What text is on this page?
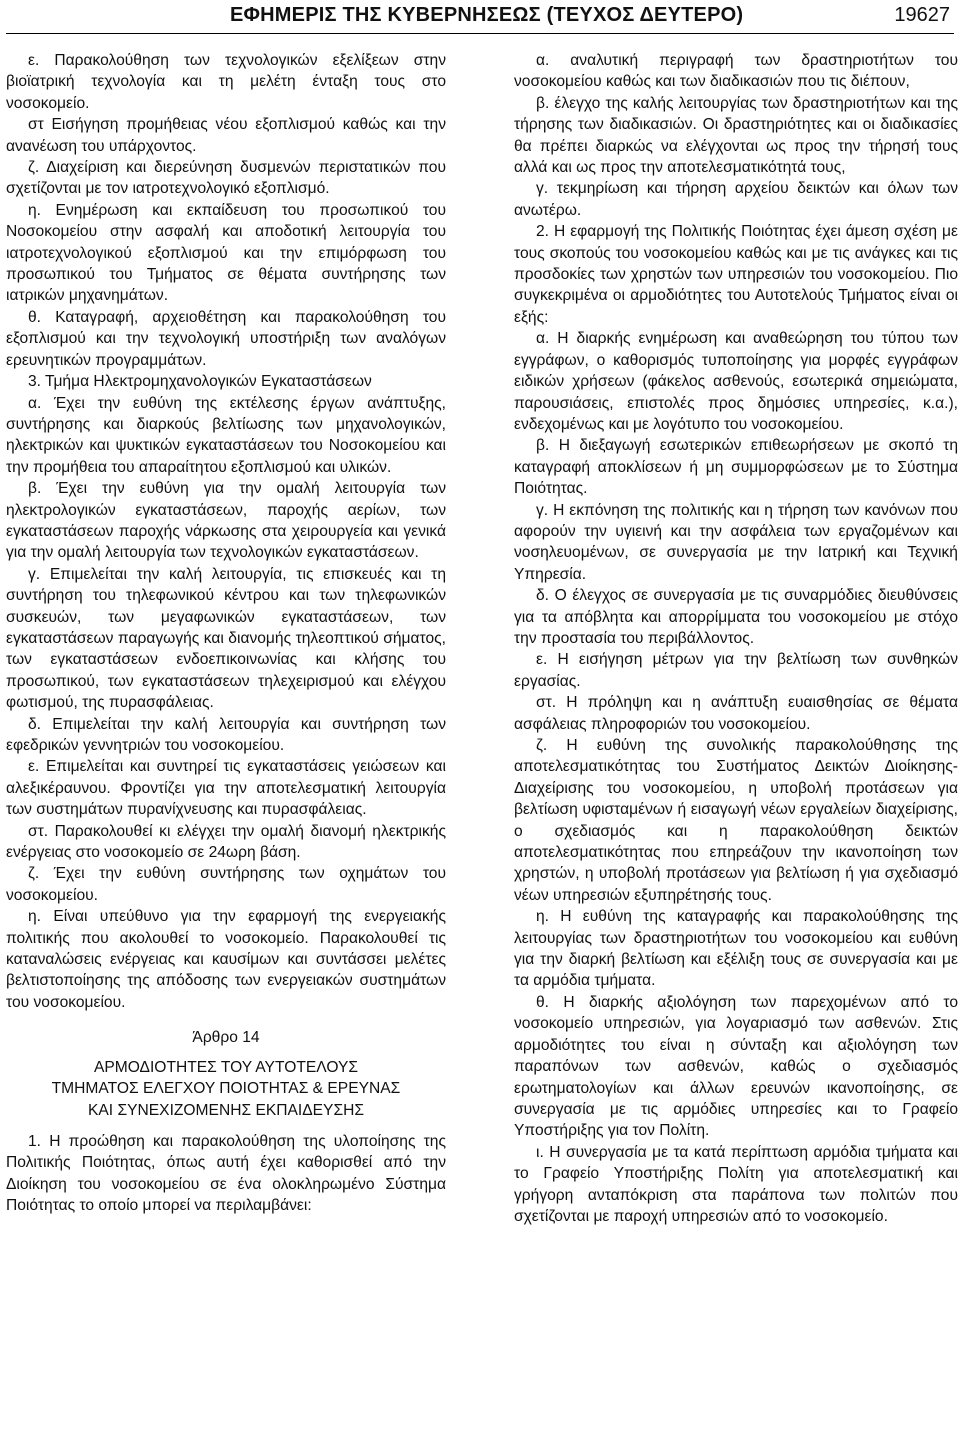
ΕΦΗΜΕΡΙΣ ΤΗΣ ΚΥΒΕΡΝΗΣΕΩΣ (ΤΕΥΧΟΣ ΔΕΥΤΕΡΟ)	19627

ε. Παρακολούθηση των τεχνολογικών εξελίξεων στην βιοϊατρική τεχνολογία και τη μελέτη ένταξη τους στο νοσοκομείο.

στ Εισήγηση προμήθειας νέου εξοπλισμού καθώς και την ανανέωση του υπάρχοντος.

ζ. Διαχείριση και διερεύνηση δυσμενών περιστατικών που σχετίζονται με τον ιατροτεχνολογικό εξοπλισμό.

η. Ενημέρωση και εκπαίδευση του προσωπικού του Νοσοκομείου στην ασφαλή και αποδοτική λειτουργία του ιατροτεχνολογικού εξοπλισμού και την επιμόρφωση του προσωπικού του Τμήματος σε θέματα συντήρησης των ιατρικών μηχανημάτων.

θ. Καταγραφή, αρχειοθέτηση και παρακολούθηση του εξοπλισμού και την τεχνολογική υποστήριξη των αναλόγων ερευνητικών προγραμμάτων.

3. Τμήμα Ηλεκτρομηχανολογικών Εγκαταστάσεων

α. Έχει την ευθύνη της εκτέλεσης έργων ανάπτυξης, συντήρησης και διαρκούς βελτίωσης των μηχανολογικών, ηλεκτρικών και ψυκτικών εγκαταστάσεων του Νοσοκομείου και την προμήθεια του απαραίτητου εξοπλισμού και υλικών.

β. Έχει την ευθύνη για την ομαλή λειτουργία των ηλεκτρολογικών εγκαταστάσεων, παροχής αερίων, των εγκαταστάσεων παροχής νάρκωσης στα χειρουργεία και γενικά για την ομαλή λειτουργία των τεχνολογικών εγκαταστάσεων.

γ. Επιμελείται την καλή λειτουργία, τις επισκευές και τη συντήρηση του τηλεφωνικού κέντρου και των τηλεφωνικών συσκευών, των μεγαφωνικών εγκαταστάσεων, των εγκαταστάσεων παραγωγής και διανομής τηλεοπτικού σήματος, των εγκαταστάσεων ενδοεπικοινωνίας και κλήσης του προσωπικού, των εγκαταστάσεων τηλεχειρισμού και ελέγχου φωτισμού, της πυρασφάλειας.

δ. Επιμελείται την καλή λειτουργία και συντήρηση των εφεδρικών γεννητριών του νοσοκομείου.

ε. Επιμελείται και συντηρεί τις εγκαταστάσεις γειώσεων και αλεξικέραυνου. Φροντίζει για την αποτελεσματική λειτουργία των συστημάτων πυρανίχνευσης και πυρασφάλειας.

στ. Παρακολουθεί κι ελέγχει την ομαλή διανομή ηλεκτρικής ενέργειας στο νοσοκομείο σε 24ωρη βάση.

ζ. Έχει την ευθύνη συντήρησης των οχημάτων του νοσοκομείου.

η. Είναι υπεύθυνο για την εφαρμογή της ενεργειακής πολιτικής που ακολουθεί το νοσοκομείο. Παρακολουθεί τις καταναλώσεις ενέργειας και καυσίμων και συντάσσει μελέτες βελτιστοποίησης της απόδοσης των ενεργειακών συστημάτων του νοσοκομείου.

Άρθρο 14
ΑΡΜΟΔΙΟΤΗΤΕΣ ΤΟΥ ΑΥΤΟΤΕΛΟΥΣ
ΤΜΗΜΑΤΟΣ ΕΛΕΓΧΟΥ ΠΟΙΟΤΗΤΑΣ & ΕΡΕΥΝΑΣ
ΚΑΙ ΣΥΝΕΧΙΖΟΜΕΝΗΣ ΕΚΠΑΙΔΕΥΣΗΣ

1. Η προώθηση και παρακολούθηση της υλοποίησης της Πολιτικής Ποιότητας, όπως αυτή έχει καθορισθεί από την Διοίκηση του νοσοκομείου σε ένα ολοκληρωμένο Σύστημα Ποιότητας το οποίο μπορεί να περιλαμβάνει:

α. αναλυτική περιγραφή των δραστηριοτήτων του νοσοκομείου καθώς και των διαδικασιών που τις διέπουν,

β. έλεγχο της καλής λειτουργίας των δραστηριοτήτων και της τήρησης των διαδικασιών. Οι δραστηριότητες και οι διαδικασίες θα πρέπει διαρκώς να ελέγχονται ως προς την τήρησή τους αλλά και ως προς την αποτελεσματικότητά τους,

γ. τεκμηρίωση και τήρηση αρχείου δεικτών και όλων των ανωτέρω.

2. Η εφαρμογή της Πολιτικής Ποιότητας έχει άμεση σχέση με τους σκοπούς του νοσοκομείου καθώς και με τις ανάγκες και τις προσδοκίες των χρηστών των υπηρεσιών του νοσοκομείου. Πιο συγκεκριμένα οι αρμοδιότητες του Αυτοτελούς Τμήματος είναι οι εξής:

α. Η διαρκής ενημέρωση και αναθεώρηση του τύπου των εγγράφων, ο καθορισμός τυποποίησης για μορφές εγγράφων ειδικών χρήσεων (φάκελος ασθενούς, εσωτερικά σημειώματα, παρουσιάσεις, επιστολές προς δημόσιες υπηρεσίες, κ.α.), ενδεχομένως και με λογότυπο του νοσοκομείου.

β. Η διεξαγωγή εσωτερικών επιθεωρήσεων με σκοπό τη καταγραφή αποκλίσεων ή μη συμμορφώσεων με το Σύστημα Ποιότητας.

γ. Η εκπόνηση της πολιτικής και η τήρηση των κανόνων που αφορούν την υγιεινή και την ασφάλεια των εργαζομένων και νοσηλευομένων, σε συνεργασία με την Ιατρική και Τεχνική Υπηρεσία.

δ. Ο έλεγχος σε συνεργασία με τις συναρμόδιες διευθύνσεις για τα απόβλητα και απορρίμματα του νοσοκομείου με στόχο την προστασία του περιβάλλοντος.

ε. Η εισήγηση μέτρων για την βελτίωση των συνθηκών εργασίας.

στ. Η πρόληψη και η ανάπτυξη ευαισθησίας σε θέματα ασφάλειας πληροφοριών του νοσοκομείου.

ζ. Η ευθύνη της συνολικής παρακολούθησης της αποτελεσματικότητας του Συστήματος Δεικτών Διοίκησης-Διαχείρισης του νοσοκομείου, η υποβολή προτάσεων για βελτίωση υφισταμένων ή εισαγωγή νέων εργαλείων διαχείρισης, ο σχεδιασμός και η παρακολούθηση δεικτών αποτελεσματικότητας που επηρεάζουν την ικανοποίηση των χρηστών, η υποβολή προτάσεων για βελτίωση ή για σχεδιασμό νέων υπηρεσιών εξυπηρέτησής τους.

η. Η ευθύνη της καταγραφής και παρακολούθησης της λειτουργίας των δραστηριοτήτων του νοσοκομείου και ευθύνη για την διαρκή βελτίωση και εξέλιξη τους σε συνεργασία και με τα αρμόδια τμήματα.

θ. Η διαρκής αξιολόγηση των παρεχομένων από το νοσοκομείο υπηρεσιών, για λογαριασμό των ασθενών. Στις αρμοδιότητες του είναι η σύνταξη και αξιολόγηση των παραπόνων των ασθενών, καθώς ο σχεδιασμός ερωτηματολογίων και άλλων ερευνών ικανοποίησης, σε συνεργασία με τις αρμόδιες υπηρεσίες και το Γραφείο Υποστήριξης για τον Πολίτη.

ι. Η συνεργασία με τα κατά περίπτωση αρμόδια τμήματα και το Γραφείο Υποστήριξης Πολίτη για αποτελεσματική και γρήγορη ανταπόκριση στα παράπονα των πολιτών που σχετίζονται με παροχή υπηρεσιών από το νοσοκομείο.
